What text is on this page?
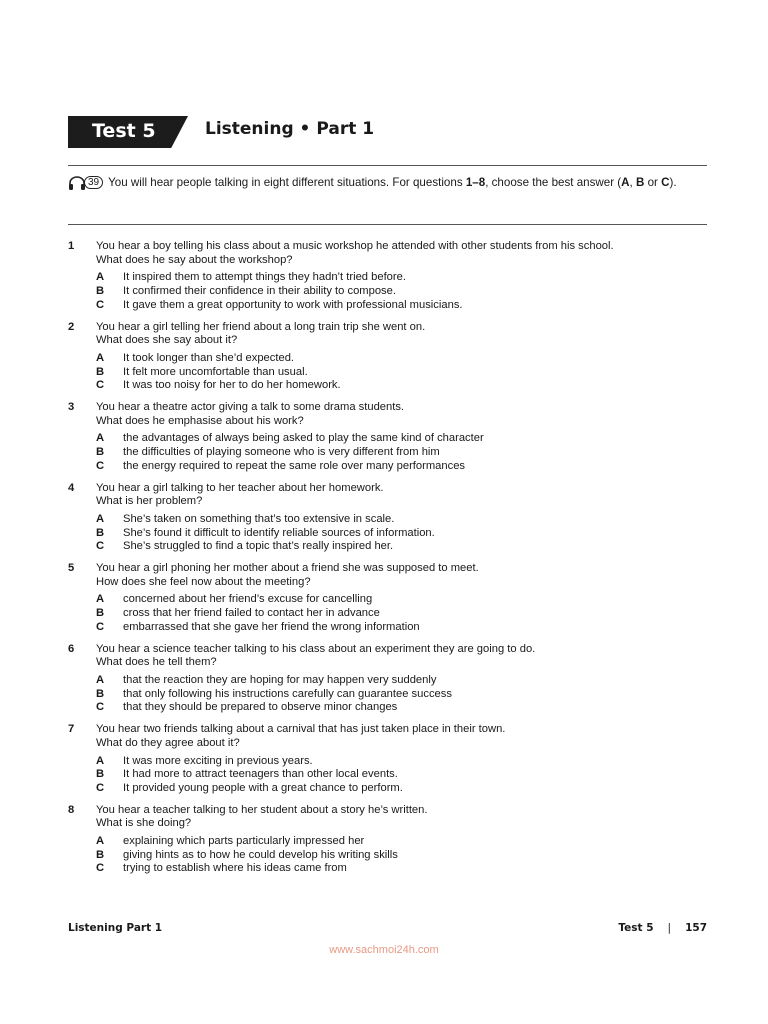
Test 5	Listening • Part 1
39 You will hear people talking in eight different situations. For questions 1–8, choose the best answer (A, B or C).
1 You hear a boy telling his class about a music workshop he attended with other students from his school.
What does he say about the workshop?
A	It inspired them to attempt things they hadn’t tried before.
B	It confirmed their confidence in their ability to compose.
C	It gave them a great opportunity to work with professional musicians.
2 You hear a girl telling her friend about a long train trip she went on.
What does she say about it?
A	It took longer than she’d expected.
B	It felt more uncomfortable than usual.
C	It was too noisy for her to do her homework.
3 You hear a theatre actor giving a talk to some drama students.
What does he emphasise about his work?
A	the advantages of always being asked to play the same kind of character
B	the difficulties of playing someone who is very different from him
C	the energy required to repeat the same role over many performances
4 You hear a girl talking to her teacher about her homework.
What is her problem?
A	She’s taken on something that’s too extensive in scale.
B	She’s found it difficult to identify reliable sources of information.
C	She’s struggled to find a topic that’s really inspired her.
5 You hear a girl phoning her mother about a friend she was supposed to meet.
How does she feel now about the meeting?
A	concerned about her friend’s excuse for cancelling
B	cross that her friend failed to contact her in advance
C	embarrassed that she gave her friend the wrong information
6 You hear a science teacher talking to his class about an experiment they are going to do.
What does he tell them?
A	that the reaction they are hoping for may happen very suddenly
B	that only following his instructions carefully can guarantee success
C	that they should be prepared to observe minor changes
7 You hear two friends talking about a carnival that has just taken place in their town.
What do they agree about it?
A	It was more exciting in previous years.
B	It had more to attract teenagers than other local events.
C	It provided young people with a great chance to perform.
8 You hear a teacher talking to her student about a story he’s written.
What is she doing?
A	explaining which parts particularly impressed her
B	giving hints as to how he could develop his writing skills
C	trying to establish where his ideas came from
Listening Part 1	Test 5 | 157
www.sachmoi24h.com
